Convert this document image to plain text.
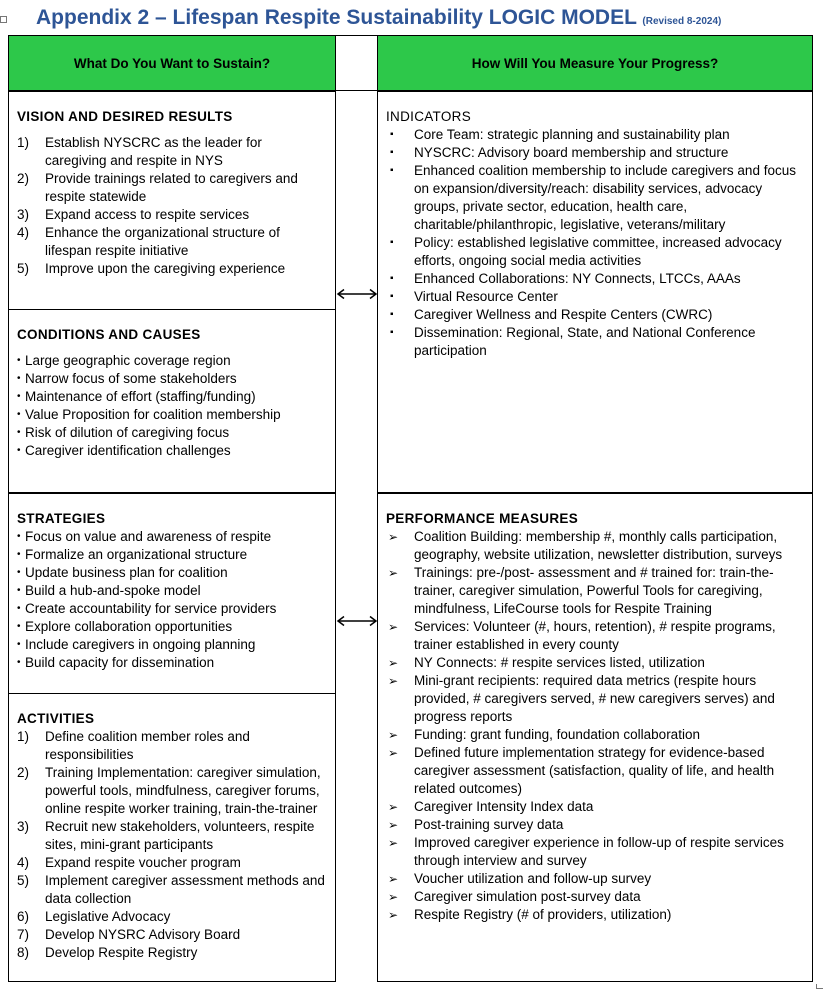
Appendix 2 – Lifespan Respite Sustainability LOGIC MODEL (Revised 8-2024)
What Do You Want to Sustain?	How Will You Measure Your Progress?
VISION AND DESIRED RESULTS
1) Establish NYSCRC as the leader for caregiving and respite in NYS
2) Provide trainings related to caregivers and respite statewide
3) Expand access to respite services
4) Enhance the organizational structure of lifespan respite initiative
5) Improve upon the caregiving experience
CONDITIONS AND CAUSES
• Large geographic coverage region
• Narrow focus of some stakeholders
• Maintenance of effort (staffing/funding)
• Value Proposition for coalition membership
• Risk of dilution of caregiving focus
• Caregiver identification challenges
INDICATORS
▪ Core Team: strategic planning and sustainability plan
▪ NYSCRC: Advisory board membership and structure
▪ Enhanced coalition membership to include caregivers and focus on expansion/diversity/reach: disability services, advocacy groups, private sector, education, health care, charitable/philanthropic, legislative, veterans/military
▪ Policy: established legislative committee, increased advocacy efforts, ongoing social media activities
▪ Enhanced Collaborations: NY Connects, LTCCs, AAAs
▪ Virtual Resource Center
▪ Caregiver Wellness and Respite Centers (CWRC)
▪ Dissemination: Regional, State, and National Conference participation
STRATEGIES
• Focus on value and awareness of respite
• Formalize an organizational structure
• Update business plan for coalition
• Build a hub-and-spoke model
• Create accountability for service providers
• Explore collaboration opportunities
• Include caregivers in ongoing planning
• Build capacity for dissemination
ACTIVITIES
1) Define coalition member roles and responsibilities
2) Training Implementation: caregiver simulation, powerful tools, mindfulness, caregiver forums, online respite worker training, train-the-trainer
3) Recruit new stakeholders, volunteers, respite sites, mini-grant participants
4) Expand respite voucher program
5) Implement caregiver assessment methods and data collection
6) Legislative Advocacy
7) Develop NYSRC Advisory Board
8) Develop Respite Registry
PERFORMANCE MEASURES
➢ Coalition Building: membership #, monthly calls participation, geography, website utilization, newsletter distribution, surveys
➢ Trainings: pre-/post- assessment and # trained for: train-the-trainer, caregiver simulation, Powerful Tools for caregiving, mindfulness, LifeCourse tools for Respite Training
➢ Services: Volunteer (#, hours, retention), # respite programs, trainer established in every county
➢ NY Connects: # respite services listed, utilization
➢ Mini-grant recipients: required data metrics (respite hours provided, # caregivers served, # new caregivers serves) and progress reports
➢ Funding: grant funding, foundation collaboration
➢ Defined future implementation strategy for evidence-based caregiver assessment (satisfaction, quality of life, and health related outcomes)
➢ Caregiver Intensity Index data
➢ Post-training survey data
➢ Improved caregiver experience in follow-up of respite services through interview and survey
➢ Voucher utilization and follow-up survey
➢ Caregiver simulation post-survey data
➢ Respite Registry (# of providers, utilization)
